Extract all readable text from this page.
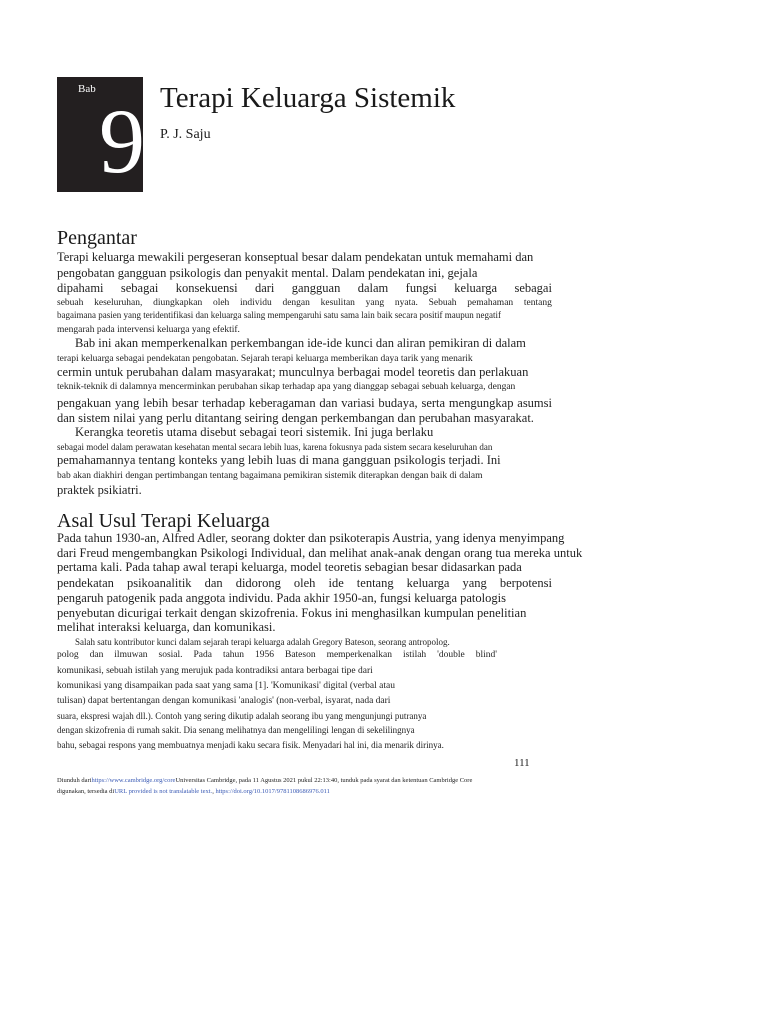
Bab
9 Terapi Keluarga Sistemik
P. J. Saju
Pengantar
Terapi keluarga mewakili pergeseran konseptual besar dalam pendekatan untuk memahami dan
pengobatan gangguan psikologis dan penyakit mental. Dalam pendekatan ini, gejala
dipahami sebagai konsekuensi dari gangguan dalam fungsi keluarga sebagai
sebuah keseluruhan, diungkapkan oleh individu dengan kesulitan yang nyata. Sebuah pemahaman tentang
bagaimana pasien yang teridentifikasi dan keluarga saling mempengaruhi satu sama lain baik secara positif maupun negatif
mengarah pada intervensi keluarga yang efektif.
Bab ini akan memperkenalkan perkembangan ide-ide kunci dan aliran pemikiran di dalam
terapi keluarga sebagai pendekatan pengobatan. Sejarah terapi keluarga memberikan daya tarik yang menarik
cermin untuk perubahan dalam masyarakat; munculnya berbagai model teoretis dan perlakuan
teknik-teknik di dalamnya mencerminkan perubahan sikap terhadap apa yang dianggap sebagai sebuah keluarga, dengan
pengakuan yang lebih besar terhadap keberagaman dan variasi budaya, serta mengungkap asumsi
dan sistem nilai yang perlu ditantang seiring dengan perkembangan dan perubahan masyarakat.
Kerangka teoretis utama disebut sebagai teori sistemik. Ini juga berlaku
sebagai model dalam perawatan kesehatan mental secara lebih luas, karena fokusnya pada sistem secara keseluruhan dan
pemahamannya tentang konteks yang lebih luas di mana gangguan psikologis terjadi. Ini
bab akan diakhiri dengan pertimbangan tentang bagaimana pemikiran sistemik diterapkan dengan baik di dalam
praktek psikiatri.
Asal Usul Terapi Keluarga
Pada tahun 1930-an, Alfred Adler, seorang dokter dan psikoterapis Austria, yang idenya menyimpang
dari Freud mengembangkan Psikologi Individual, dan melihat anak-anak dengan orang tua mereka untuk
pertama kali. Pada tahap awal terapi keluarga, model teoretis sebagian besar didasarkan pada
pendekatan psikoanalitik dan didorong oleh ide tentang keluarga yang berpotensi
pengaruh patogenik pada anggota individu. Pada akhir 1950-an, fungsi keluarga patologis
penyebutan dicurigai terkait dengan skizofrenia. Fokus ini menghasilkan kumpulan penelitian
melihat interaksi keluarga, dan komunikasi.
Salah satu kontributor kunci dalam sejarah terapi keluarga adalah Gregory Bateson, seorang antropolog.
polog dan ilmuwan sosial. Pada tahun 1956 Bateson memperkenalkan istilah 'double blind'
komunikasi, sebuah istilah yang merujuk pada kontradiksi antara berbagai tipe dari
komunikasi yang disampaikan pada saat yang sama [1]. 'Komunikasi' digital (verbal atau
tulisan) dapat bertentangan dengan komunikasi 'analogis' (non-verbal, isyarat, nada dari
suara, ekspresi wajah dll.). Contoh yang sering dikutip adalah seorang ibu yang mengunjungi putranya
dengan skizofrenia di rumah sakit. Dia senang melihatnya dan mengelilingi lengan di sekelilingnya
bahu, sebagai respons yang membuatnya menjadi kaku secara fisik. Menyadari hal ini, dia menarik dirinya.
111
Diunduh darihttps://www.cambridge.org/coreUniversitas Cambridge, pada 11 Agustus 2021 pukul 22:13:40, tunduk pada syarat dan ketentuan Cambridge Core
digunakan, tersedia diURL provided is not translatable text., https://doi.org/10.1017/9781108686976.011
